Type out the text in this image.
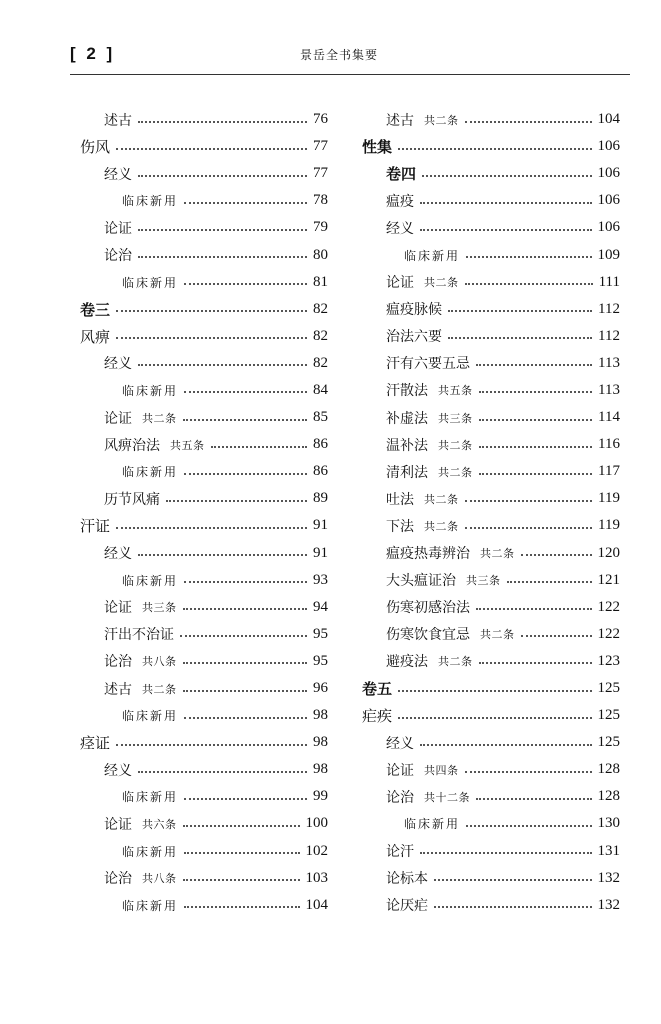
[ 2 ]	景岳全书集要
述古	76
伤风	77
经义	77
临床新用	78
论证	79
论治	80
临床新用	81
卷三	82
风痹	82
经义	82
临床新用	84
论证 共二条	85
风痹治法 共五条	86
临床新用	86
历节风痛	89
汗证	91
经义	91
临床新用	93
论证 共三条	94
汗出不治证	95
论治 共八条	95
述古 共二条	96
临床新用	98
痉证	98
经义	98
临床新用	99
论证 共六条	100
临床新用	102
论治 共八条	103
临床新用	104
述古 共二条	104
性集	106
卷四	106
瘟疫	106
经义	106
临床新用	109
论证 共二条	111
瘟疫脉候	112
治法六要	112
汗有六要五忌	113
汗散法 共五条	113
补虚法 共三条	114
温补法 共二条	116
清利法 共二条	117
吐法 共二条	119
下法 共二条	119
瘟疫热毒辨治 共二条	120
大头瘟证治 共三条	121
伤寒初感治法	122
伤寒饮食宜忌 共二条	122
避疫法 共二条	123
卷五	125
疟疾	125
经义	125
论证 共四条	128
论治 共十二条	128
临床新用	130
论汗	131
论标本	132
论厌疟	132
